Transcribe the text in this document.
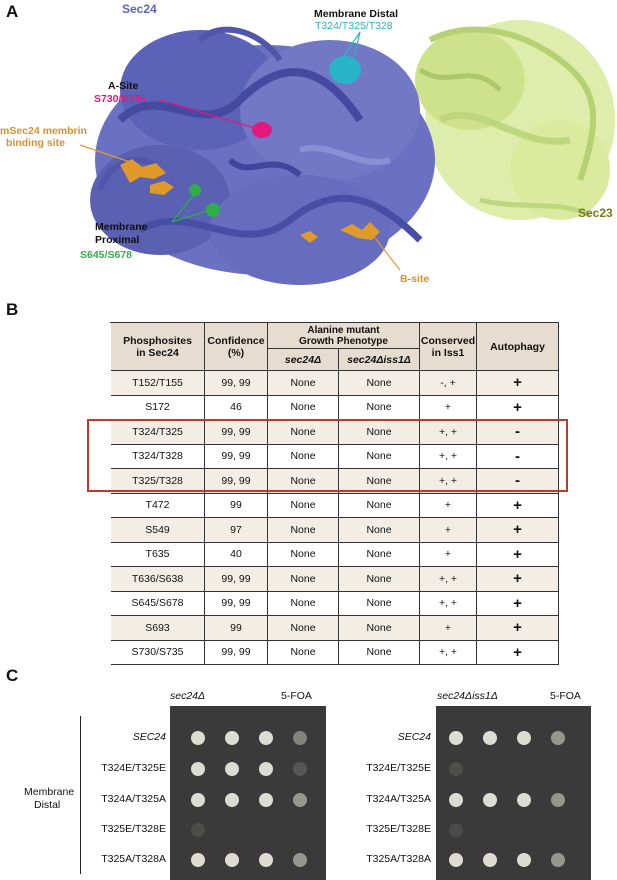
A	Sec24	Membrane Distal
T324/T325/T328
A-Site
S730/S735
mSec24 membrin
binding site
Membrane
Proximal
S645/S678
B-site
Sec23
B
Phosphosites
in Sec24
Confidence
(%)
Alanine mutant
Growth Phenotype
sec24Δ	sec24Δiss1Δ
Conserved
in Iss1	Autophagy
T152/T155	99, 99	None	None	-, +	+
S172	46	None	None	+	+
T324/T325	99, 99	None	None	+, +	-
T324/T328	99, 99	None	None	+, +	-
T325/T328	99, 99	None	None	+, +	-
T472	99	None	None	+	+
S549	97	None	None	+	+
T635	40	None	None	+	+
T636/S638	99, 99	None	None	+, +	+
S645/S678	99, 99	None	None	+, +	+
S693	99	None	None	+	+
S730/S735	99, 99	None	None	+, +	+
C
sec24Δ	5-FOA	sec24Δiss1Δ	5-FOA
Membrane
Distal
SEC24
T324E/T325E
T324A/T325A
T325E/T328E
T325A/T328A
SEC24
T324E/T325E
T324A/T325A
T325E/T328E
T325A/T328A
